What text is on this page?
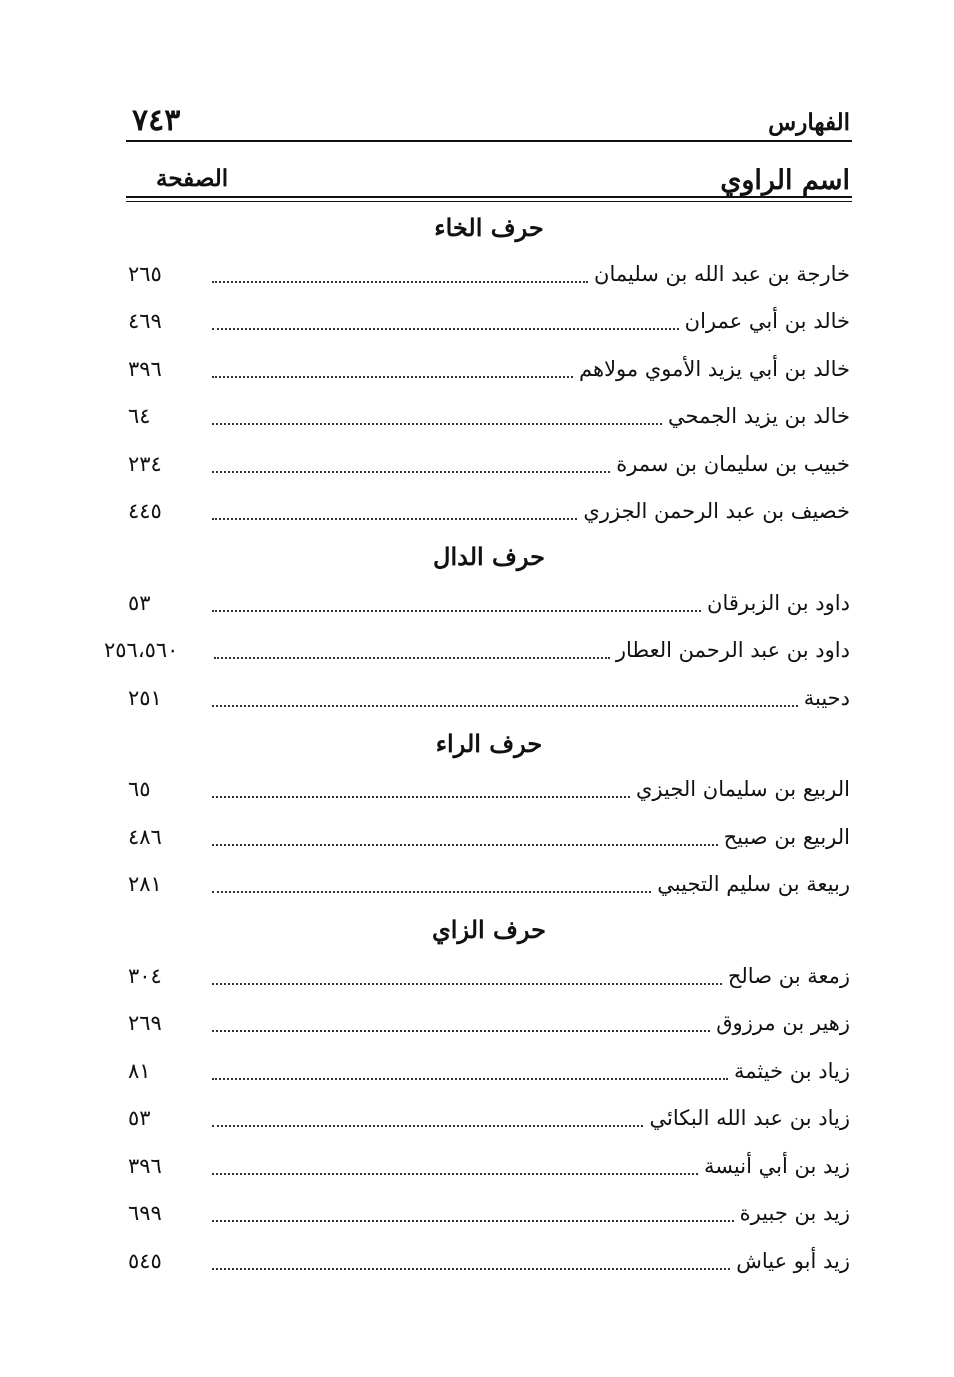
الفهارس
٧٤٣
اسم الراوي
الصفحة
حرف الخاء
خارجة بن عبد الله بن سليمان
٢٦٥
خالد بن أبي عمران
٤٦٩
خالد بن أبي يزيد الأموي مولاهم
٣٩٦
خالد بن يزيد الجمحي
٦٤
خبيب بن سليمان بن سمرة
٢٣٤
خصيف بن عبد الرحمن الجزري
٤٤٥
حرف الدال
داود بن الزبرقان
٥٣
داود بن عبد الرحمن العطار
٢٥٦،٥٦٠
دحيبة
٢٥١
حرف الراء
الربيع بن سليمان الجيزي
٦٥
الربيع بن صبيح
٤٨٦
ربيعة بن سليم التجيبي
٢٨١
حرف الزاي
زمعة بن صالح
٣٠٤
زهير بن مرزوق
٢٦٩
زياد بن خيثمة
٨١
زياد بن عبد الله البكائي
٥٣
زيد بن أبي أنيسة
٣٩٦
زيد بن جبيرة
٦٩٩
زيد أبو عياش
٥٤٥
